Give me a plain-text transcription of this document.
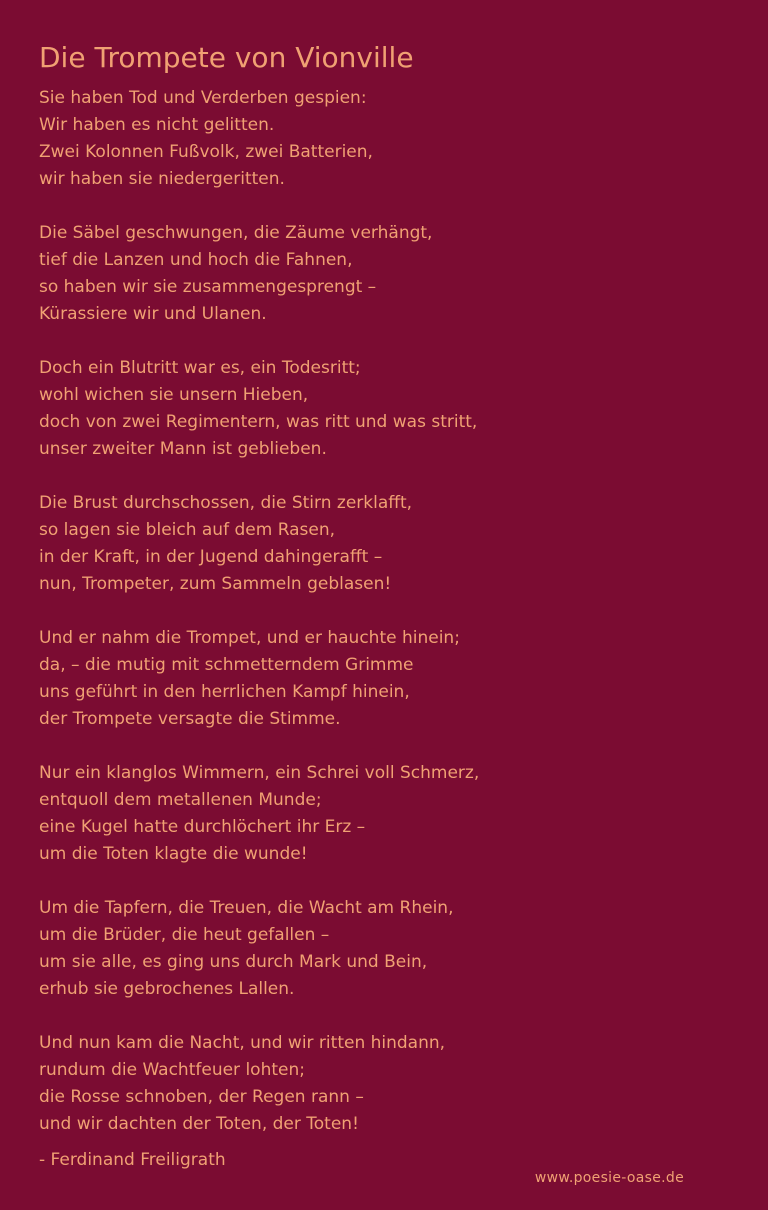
Die Trompete von Vionville
Sie haben Tod und Verderben gespien:
Wir haben es nicht gelitten.
Zwei Kolonnen Fußvolk, zwei Batterien,
wir haben sie niedergeritten.
Die Säbel geschwungen, die Zäume verhängt,
tief die Lanzen und hoch die Fahnen,
so haben wir sie zusammengesprengt –
Kürassiere wir und Ulanen.
Doch ein Blutritt war es, ein Todesritt;
wohl wichen sie unsern Hieben,
doch von zwei Regimentern, was ritt und was stritt,
unser zweiter Mann ist geblieben.
Die Brust durchschossen, die Stirn zerklafft,
so lagen sie bleich auf dem Rasen,
in der Kraft, in der Jugend dahingerafft –
nun, Trompeter, zum Sammeln geblasen!
Und er nahm die Trompet, und er hauchte hinein;
da, – die mutig mit schmetterndem Grimme
uns geführt in den herrlichen Kampf hinein,
der Trompete versagte die Stimme.
Nur ein klanglos Wimmern, ein Schrei voll Schmerz,
entquoll dem metallenen Munde;
eine Kugel hatte durchlöchert ihr Erz –
um die Toten klagte die wunde!
Um die Tapfern, die Treuen, die Wacht am Rhein,
um die Brüder, die heut gefallen –
um sie alle, es ging uns durch Mark und Bein,
erhub sie gebrochenes Lallen.
Und nun kam die Nacht, und wir ritten hindann,
rundum die Wachtfeuer lohten;
die Rosse schnoben, der Regen rann –
und wir dachten der Toten, der Toten!
- Ferdinand Freiligrath
www.poesie-oase.de
